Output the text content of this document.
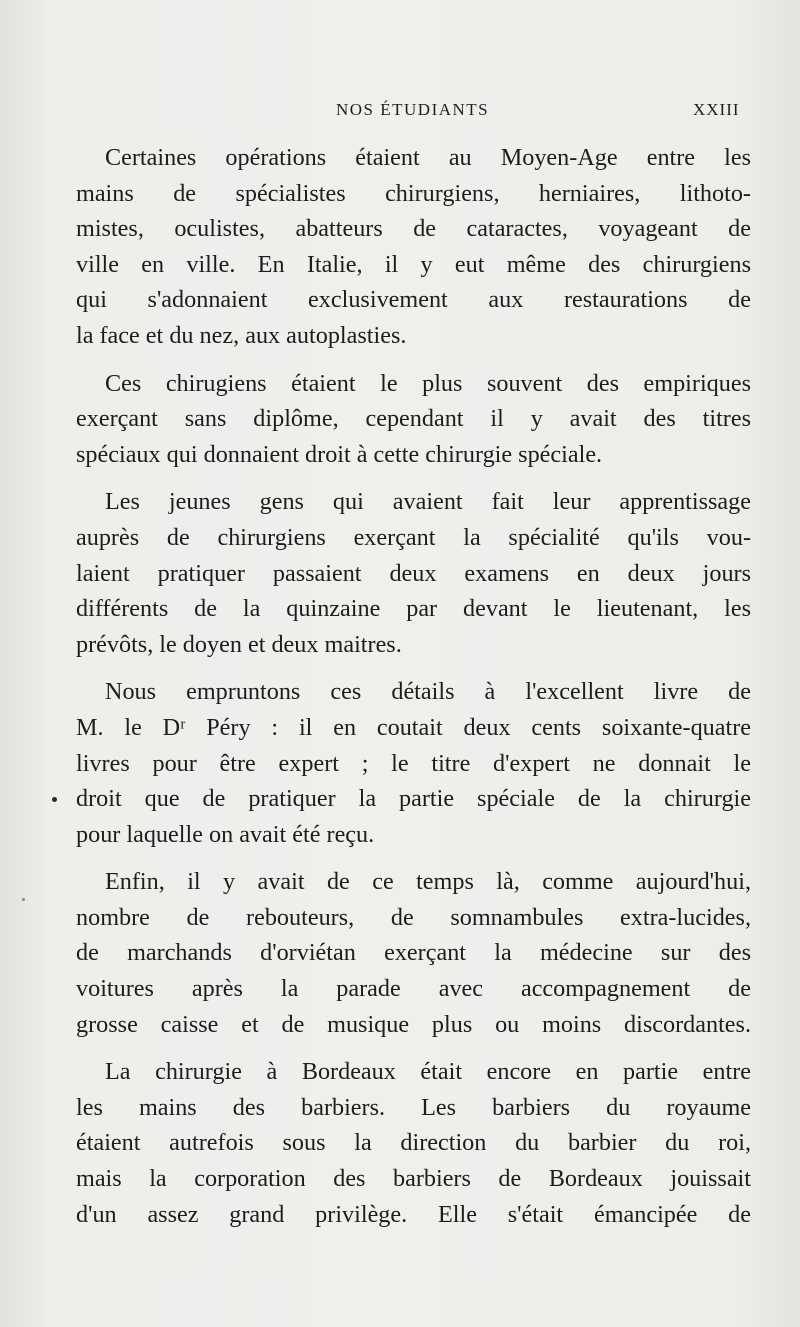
NOS ÉTUDIANTS	XXIII
Certaines opérations étaient au Moyen-Age entre les
mains de spécialistes chirurgiens, herniaires, lithoto-
mistes, oculistes, abatteurs de cataractes, voyageant de
ville en ville. En Italie, il y eut même des chirurgiens
qui s'adonnaient exclusivement aux restaurations de
la face et du nez, aux autoplasties.
Ces chirugiens étaient le plus souvent des empiriques
exerçant sans diplôme, cependant il y avait des titres
spéciaux qui donnaient droit à cette chirurgie spéciale.
Les jeunes gens qui avaient fait leur apprentissage
auprès de chirurgiens exerçant la spécialité qu'ils vou-
laient pratiquer passaient deux examens en deux jours
différents de la quinzaine par devant le lieutenant, les
prévôts, le doyen et deux maitres.
Nous empruntons ces détails à l'excellent livre de
M. le Dʳ Péry : il en coutait deux cents soixante-quatre
livres pour être expert ; le titre d'expert ne donnait le
droit que de pratiquer la partie spéciale de la chirurgie
pour laquelle on avait été reçu.
Enfin, il y avait de ce temps là, comme aujourd'hui,
nombre de rebouteurs, de somnambules extra-lucides,
de marchands d'orviétan exerçant la médecine sur des
voitures après la parade avec accompagnement de
grosse caisse et de musique plus ou moins discordantes.
La chirurgie à Bordeaux était encore en partie entre
les mains des barbiers. Les barbiers du royaume
étaient autrefois sous la direction du barbier du roi,
mais la corporation des barbiers de Bordeaux jouissait
d'un assez grand privilège. Elle s'était émancipée de
